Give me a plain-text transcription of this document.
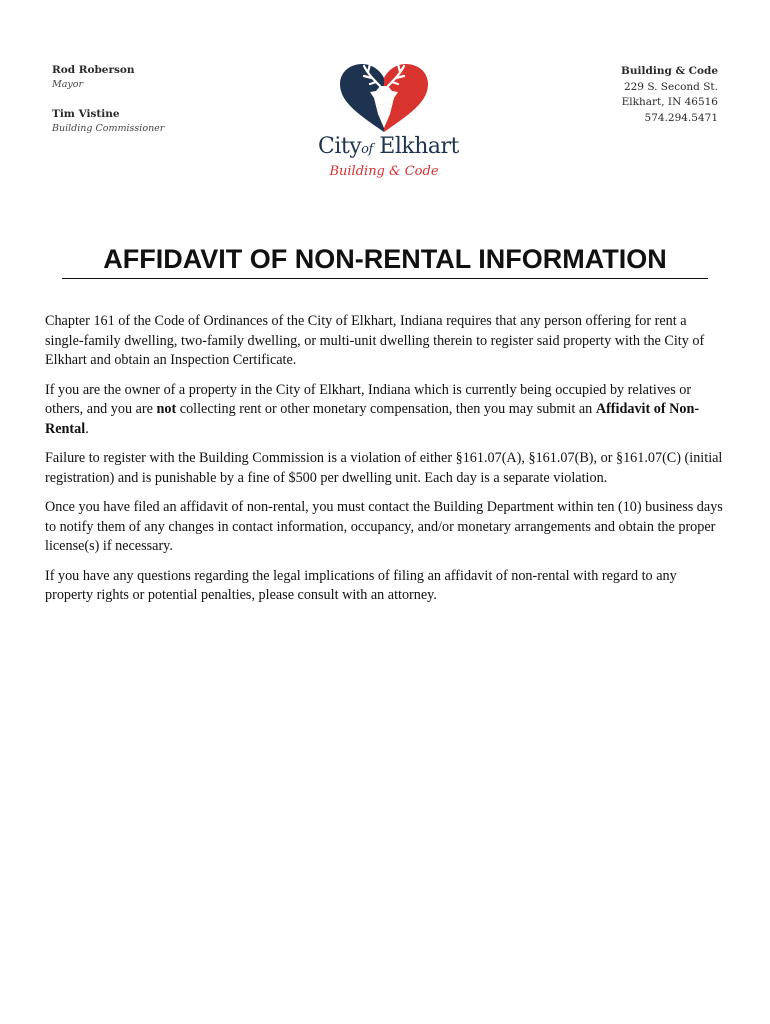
Rod Roberson
Mayor
Tim Vistine
Building Commissioner
Cityof Elkhart
Building & Code
Building & Code
229 S. Second St.
Elkhart, IN 46516
574.294.5471
AFFIDAVIT OF NON-RENTAL INFORMATION

Chapter 161 of the Code of Ordinances of the City of Elkhart, Indiana requires that any person offering for rent a single-family dwelling, two-family dwelling, or multi-unit dwelling therein to register said property with the City of Elkhart and obtain an Inspection Certificate.

If you are the owner of a property in the City of Elkhart, Indiana which is currently being occupied by relatives or others, and you are not collecting rent or other monetary compensation, then you may submit an Affidavit of Non-Rental.

Failure to register with the Building Commission is a violation of either §161.07(A), §161.07(B), or §161.07(C) (initial registration) and is punishable by a fine of $500 per dwelling unit. Each day is a separate violation.

Once you have filed an affidavit of non-rental, you must contact the Building Department within ten (10) business days to notify them of any changes in contact information, occupancy, and/or monetary arrangements and obtain the proper license(s) if necessary.

If you have any questions regarding the legal implications of filing an affidavit of non-rental with regard to any property rights or potential penalties, please consult with an attorney.
